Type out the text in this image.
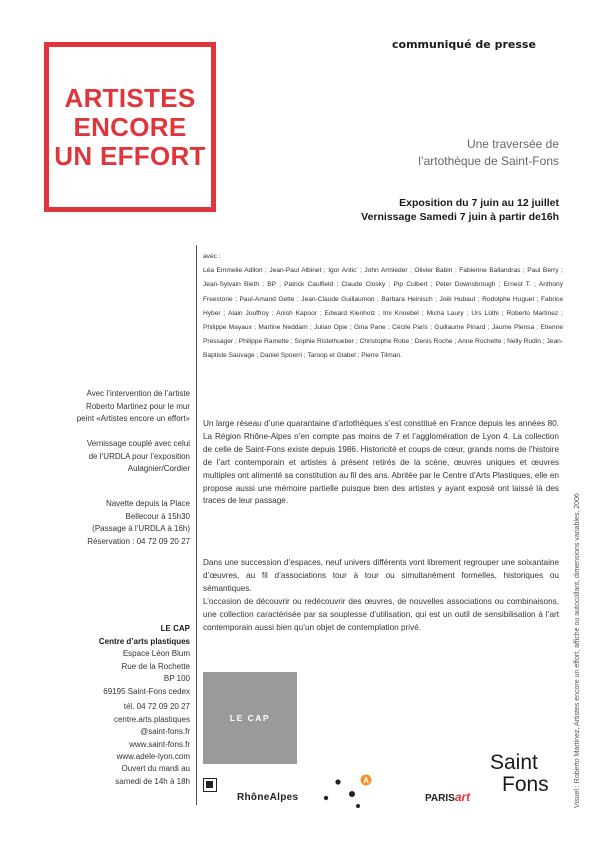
communiqué de presse
ARTISTES
ENCORE
UN EFFORT	Une traversée de
l’artothèque de Saint-Fons
Exposition du 7 juin au 12 juillet
Vernissage Samedi 7 juin à partir de16h
avec :
Léa Emmelie Adilon ; Jean-Paul Albinet ; Igor Antic’ ; John Armleder ; Olivier Babin ; Fabienne Ballandras ; Paul Berry ; Jean-Sylvain Bieth ; BP ; Patrick Caulfield ; Claude Closky ; Pip Culbert ; Peter Downsbrough ; Ernest T. ; Anthony Freestone ; Paul-Amand Gette ; Jean-Claude Guillaumon ; Barbara Heinisch ; Joël Hubaut ; Rodolphe Huguet ; Fabrice Hyber ; Alain Jouffroy ; Anish Kapoor ; Edward Kienholz ; Imi Knoebel ; Micha Laury ; Urs Lüthi ; Roberto Martinez ; Philippe Mayaux ; Martine Neddam ; Julian Opie ; Gina Pane ; Cécile Paris ; Guillaume Pinard ; Jaume Plensa ; Etienne Pressager ; Philippe Ramette ; Sophie Ristelhueber ; Christophe Robe ; Denis Roche ; Anne Rochette ; Nelly Rudin ; Jean-Baptiste Sauvage ; Daniel Spoerri ; Taroop et Glabel ; Pierre Tilman.
Avec l’intervention de l’artiste
Roberto Martinez pour le mur
peint «Artistes encore un effort»
Vernissage couplé avec celui
de l’URDLA pour l’exposition
Aulagnier/Cordier
Navette depuis la Place
Bellecour à 15h30
(Passage à l’URDLA à 16h)
Réservation : 04 72 09 20 27
LE CAP
Centre d’arts plastiques
Espace Léon Blum
Rue de la Rochette
BP 100
69195 Saint-Fons cedex
tél. 04 72 09 20 27
centre.arts.plastiques
@saint-fons.fr
www.saint-fons.fr
www.adele-lyon.com
Ouvert du mardi au
samedi de 14h à 18h
Un large réseau d’une quarantaine d’artothèques s’est constitué en France depuis les années 80. La Région Rhône-Alpes n’en compte pas moins de 7 et l’agglomération de Lyon 4. La collection de celle de Saint-Fons existe depuis 1986. Historicité et coups de cœur, grands noms de l’histoire de l’art contemporain et artistes à présent retirés de la scène, œuvres uniques et œuvres multiples ont alimenté sa constitution au fil des ans. Abritée par le Centre d’Arts Plastiques, elle en propose aussi une mémoire partielle puisque bien des artistes y ayant exposé ont laissé là des traces de leur passage.
Dans une succession d’espaces, neuf univers différents vont librement regrouper une soixantaine d’œuvres, au fil d’associations tour à tour ou simultanément formelles, historiques ou sémantiques.
L’occasion de découvrir ou redécouvrir des œuvres, de nouvelles associations ou combinaisons, une collection caractérisée par sa souplesse d’utilisation, qui est un outil de sensibilisation à l’art contemporain aussi bien qu’un objet de contemplation privé.
LE CAP	Visuel : Roberto Martinez, Artistes encore un effort, affiche ou autocollant, dimensions variables, 2006
RhôneAlpes
A
PARISart
Saint
Fons
